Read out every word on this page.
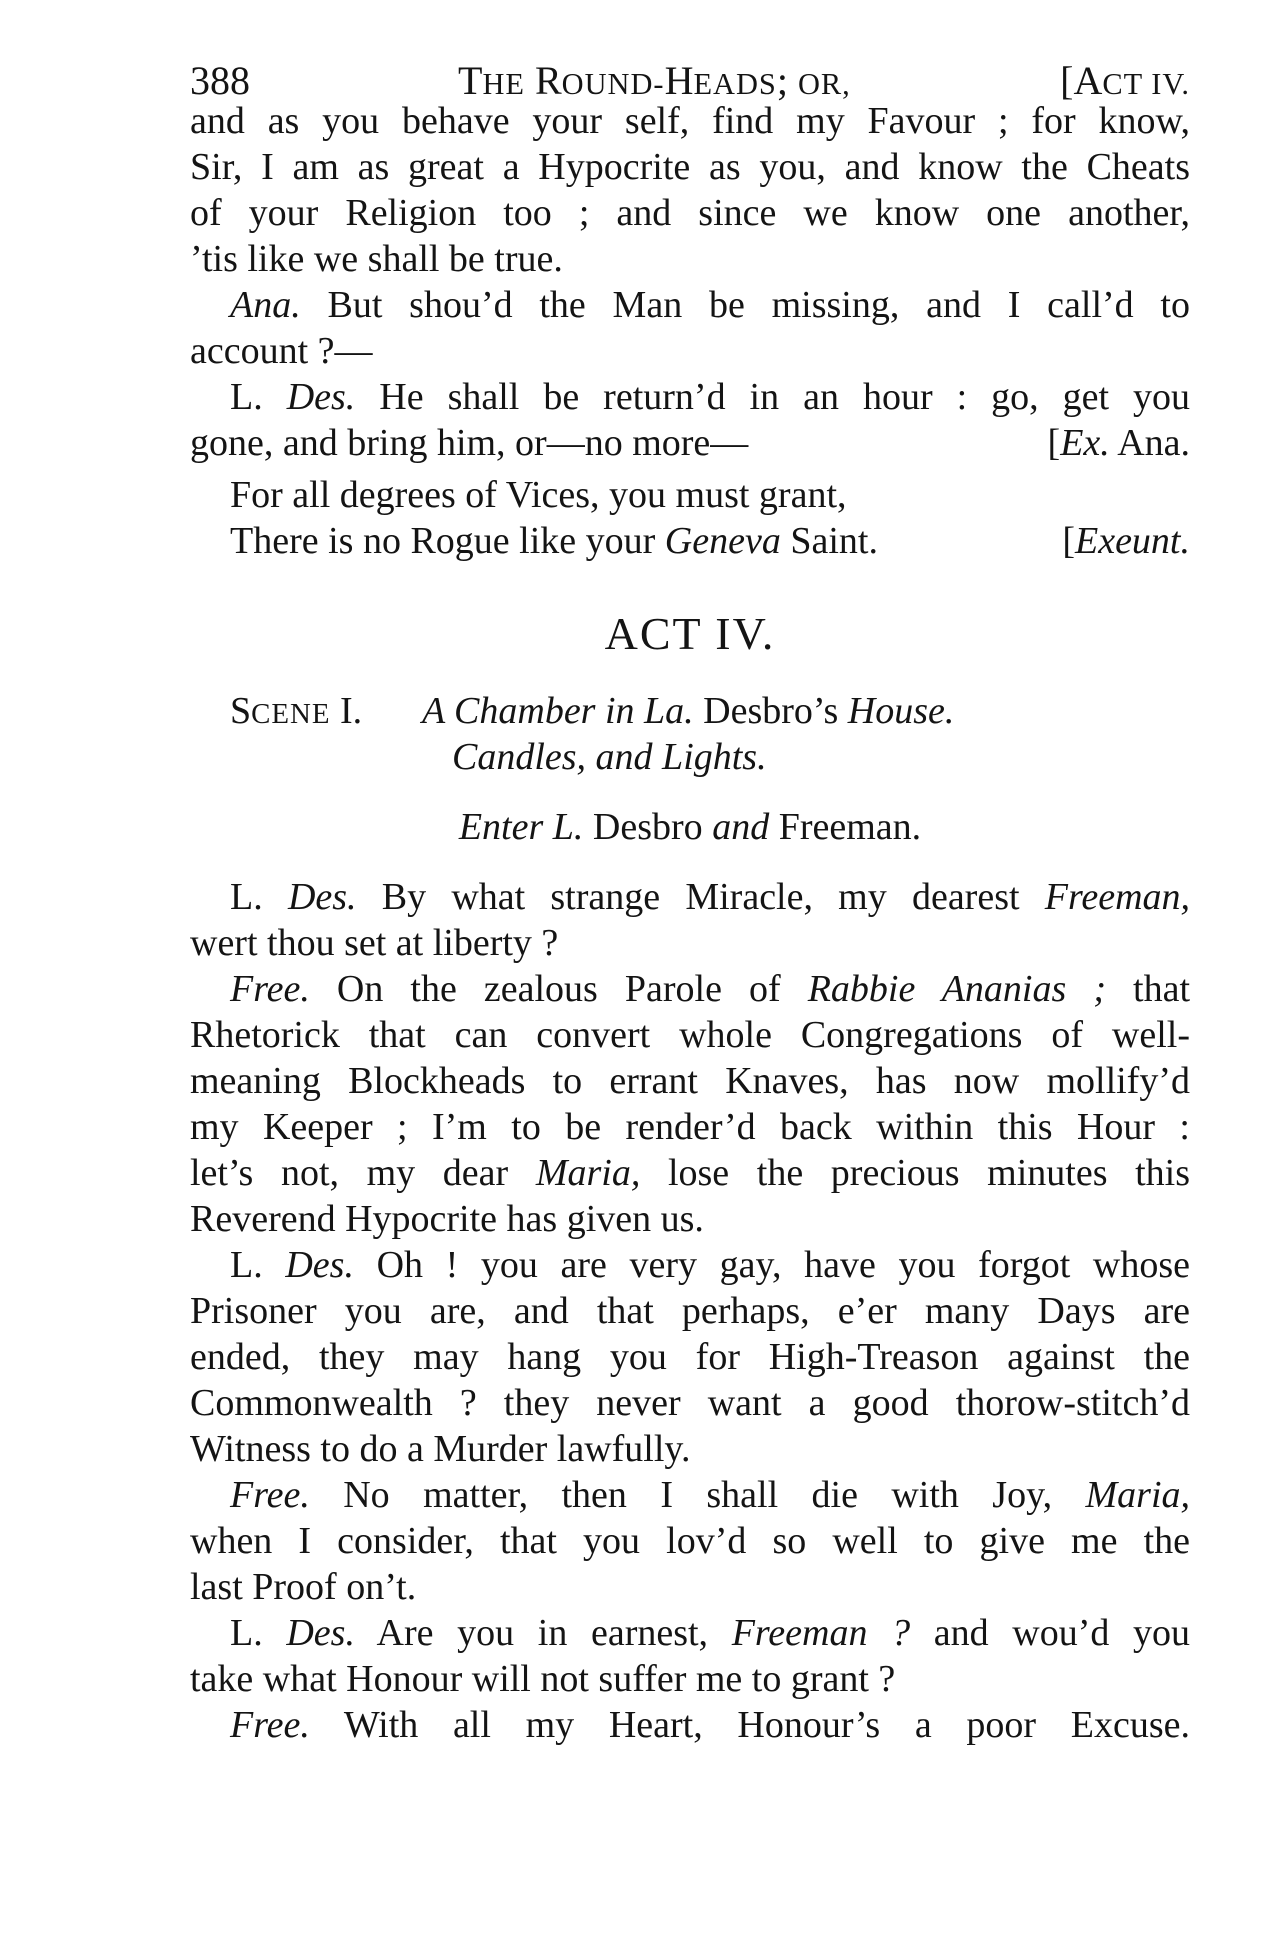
388	THE ROUND-HEADS; OR,	[ACT IV.
and as you behave your self, find my Favour ; for know,
Sir, I am as great a Hypocrite as you, and know the Cheats
of your Religion too ; and since we know one another,
’tis like we shall be true.
Ana. But shou’d the Man be missing, and I call’d to
account ?—
L. Des. He shall be return’d in an hour : go, get you
gone, and bring him, or—no more—	[Ex. Ana.
For all degrees of Vices, you must grant,
There is no Rogue like your Geneva Saint.	[Exeunt.
ACT IV.
SCENE I. A Chamber in La. Desbro’s House.
Candles, and Lights.
Enter L. Desbro and Freeman.
L. Des. By what strange Miracle, my dearest Freeman,
wert thou set at liberty ?
Free. On the zealous Parole of Rabbie Ananias ; that
Rhetorick that can convert whole Congregations of well-
meaning Blockheads to errant Knaves, has now mollify’d
my Keeper ; I’m to be render’d back within this Hour :
let’s not, my dear Maria, lose the precious minutes this
Reverend Hypocrite has given us.
L. Des. Oh ! you are very gay, have you forgot whose
Prisoner you are, and that perhaps, e’er many Days are
ended, they may hang you for High-Treason against the
Commonwealth ? they never want a good thorow-stitch’d
Witness to do a Murder lawfully.
Free. No matter, then I shall die with Joy, Maria,
when I consider, that you lov’d so well to give me the
last Proof on’t.
L. Des. Are you in earnest, Freeman ? and wou’d you
take what Honour will not suffer me to grant ?
Free. With all my Heart, Honour’s a poor Excuse.
